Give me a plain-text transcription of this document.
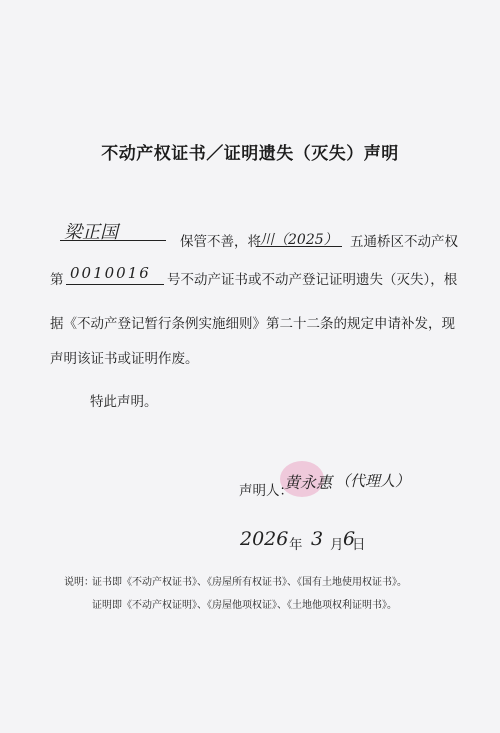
不动产权证书／证明遗失（灭失）声明
梁正国	保管不善，将 川（2025） 五通桥区不动产权
第 0010016 号不动产证书或不动产登记证明遗失（灭失），根
据《不动产登记暂行条例实施细则》第二十二条的规定申请补发，现
声明该证书或证明作废。
特此声明。
声明人：
黄永惠 （代理人）
2026 年 3 月 6
日
说明：
证书即《不动产权证书》、《房屋所有权证书》、《国有土地使用权证书》。
证明即《不动产权证明》、《房屋他项权证》、《土地他项权利证明书》。
